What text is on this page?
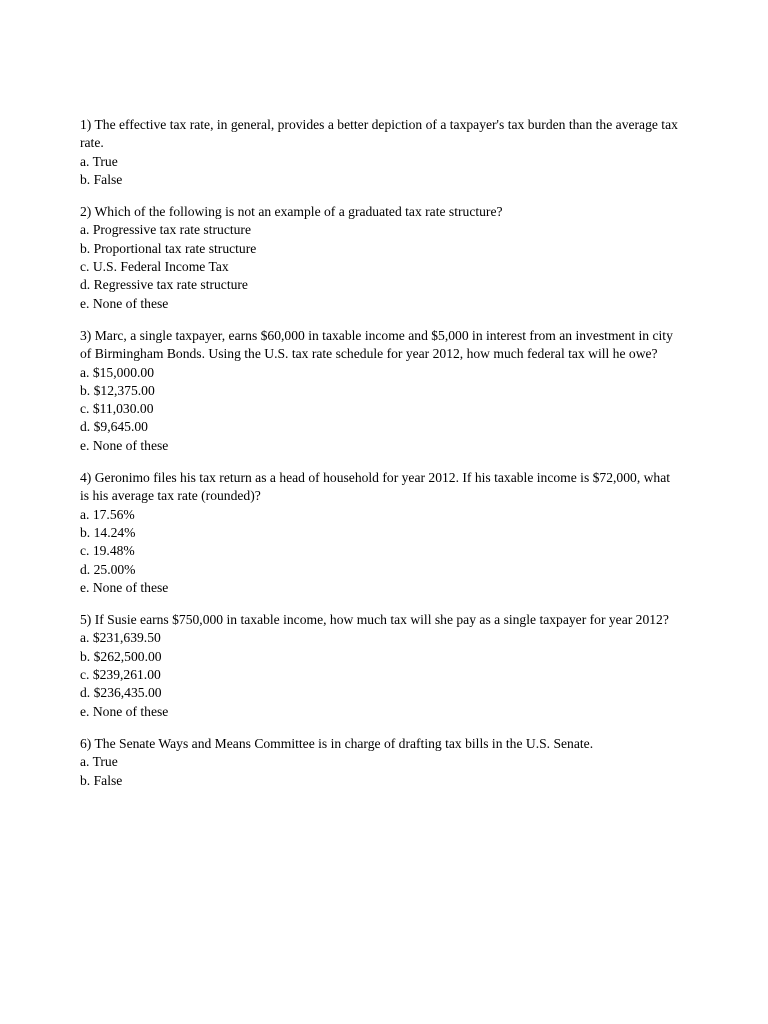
1) The effective tax rate, in general, provides a better depiction of a taxpayer's tax burden than the average tax rate.

a. True
b. False

2) Which of the following is not an example of a graduated tax rate structure?

a. Progressive tax rate structure
b. Proportional tax rate structure
c. U.S. Federal Income Tax
d. Regressive tax rate structure
e. None of these

3) Marc, a single taxpayer, earns $60,000 in taxable income and $5,000 in interest from an investment in city of Birmingham Bonds. Using the U.S. tax rate schedule for year 2012, how much federal tax will he owe?

a. $15,000.00
b. $12,375.00
c. $11,030.00
d. $9,645.00
e. None of these

4) Geronimo files his tax return as a head of household for year 2012. If his taxable income is $72,000, what is his average tax rate (rounded)?

a. 17.56%
b. 14.24%
c. 19.48%
d. 25.00%
e. None of these

5) If Susie earns $750,000 in taxable income, how much tax will she pay as a single taxpayer for year 2012?

a. $231,639.50
b. $262,500.00
c. $239,261.00
d. $236,435.00
e. None of these

6) The Senate Ways and Means Committee is in charge of drafting tax bills in the U.S. Senate.

a. True
b. False
